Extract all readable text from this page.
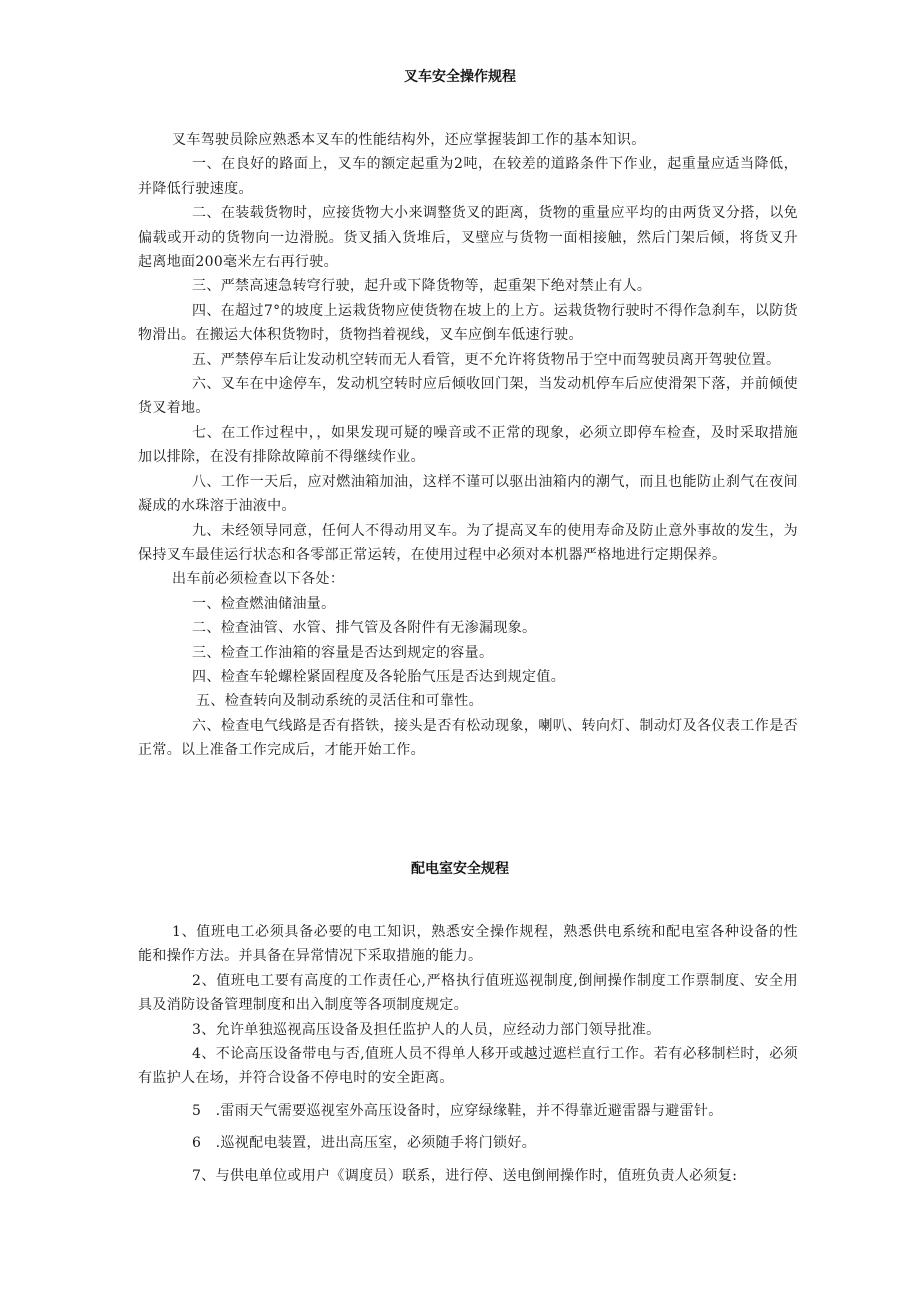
叉车安全操作规程

叉车驾驶员除应熟悉本叉车的性能结构外，还应掌握装卸工作的基本知识。

一、在良好的路面上，叉车的额定起重为2吨，在较差的道路条件下作业，起重量应适当降低，并降低行驶速度。

二、在装载货物时，应接货物大小来调整货叉的距离，货物的重量应平均的由两货叉分搭，以免偏载或开动的货物向一边滑脱。货叉插入货堆后，叉壁应与货物一面相接触，然后门架后倾，将货叉升起离地面200毫米左右再行驶。

三、严禁高速急转穹行驶，起升或下降货物等，起重架下绝对禁止有人。

四、在超过7°的坡度上运栽货物应使货物在坡上的上方。运栽货物行驶时不得作急刹车，以防货物滑出。在搬运大体积货物时，货物挡着视线，叉车应倒车低速行驶。

五、严禁停车后让发动机空转而无人看管，更不允许将货物吊于空中而驾驶员离开驾驶位置。

六、叉车在中途停车，发动机空转时应后倾收回门架，当发动机停车后应使滑架下落，并前倾使货叉着地。

七、在工作过程中，，如果发现可疑的噪音或不正常的现象，必须立即停车检查，及时采取措施加以排除，在没有排除故障前不得继续作业。

八、工作一天后，应对燃油箱加油，这样不谨可以驱出油箱内的潮气，而且也能防止刹气在夜间凝成的水珠溶于油液中。

九、未经领导同意，任何人不得动用叉车。为了提高叉车的使用寿命及防止意外事故的发生，为保持叉车最佳运行状态和各零部正常运转，在使用过程中必须对本机器严格地进行定期保养。

出车前必须检查以下各处：

一、检查燃油储油量。

二、检查油管、水管、排气管及各附件有无渗漏现象。

三、检查工作油箱的容量是否达到规定的容量。

四、检查车轮螺栓紧固程度及各轮胎气压是否达到规定值。

五、检查转向及制动系统的灵活住和可靠性。

六、检查电气线路是否有搭铁，接头是否有松动现象，喇叭、转向灯、制动灯及各仪表工作是否正常。以上准备工作完成后，才能开始工作。

配电室安全规程

1、值班电工必须具备必要的电工知识，熟悉安全操作规程，熟悉供电系统和配电室各种设备的性能和操作方法。并具备在异常情况下采取措施的能力。

2、值班电工要有高度的工作责任心,严格执行值班巡视制度,倒闸操作制度工作票制度、安全用具及消防设备管理制度和出入制度等各项制度规定。

3、允许单独巡视高压设备及担任监护人的人员，应经动力部门领导批准。

4、不论高压设备带电与否,值班人员不得单人移开或越过遮栏直行工作。若有必移制栏时，必须有监护人在场，并符合设备不停电时的安全距离。

5　.雷雨天气需要巡视室外高压设备时，应穿绿缘鞋，并不得靠近避雷器与避雷针。

6　.巡视配电装置，进出高压室，必须随手将门锁好。

7、与供电单位或用户《调度员）联系，进行停、送电倒闸操作时，值班负责人必须复:
